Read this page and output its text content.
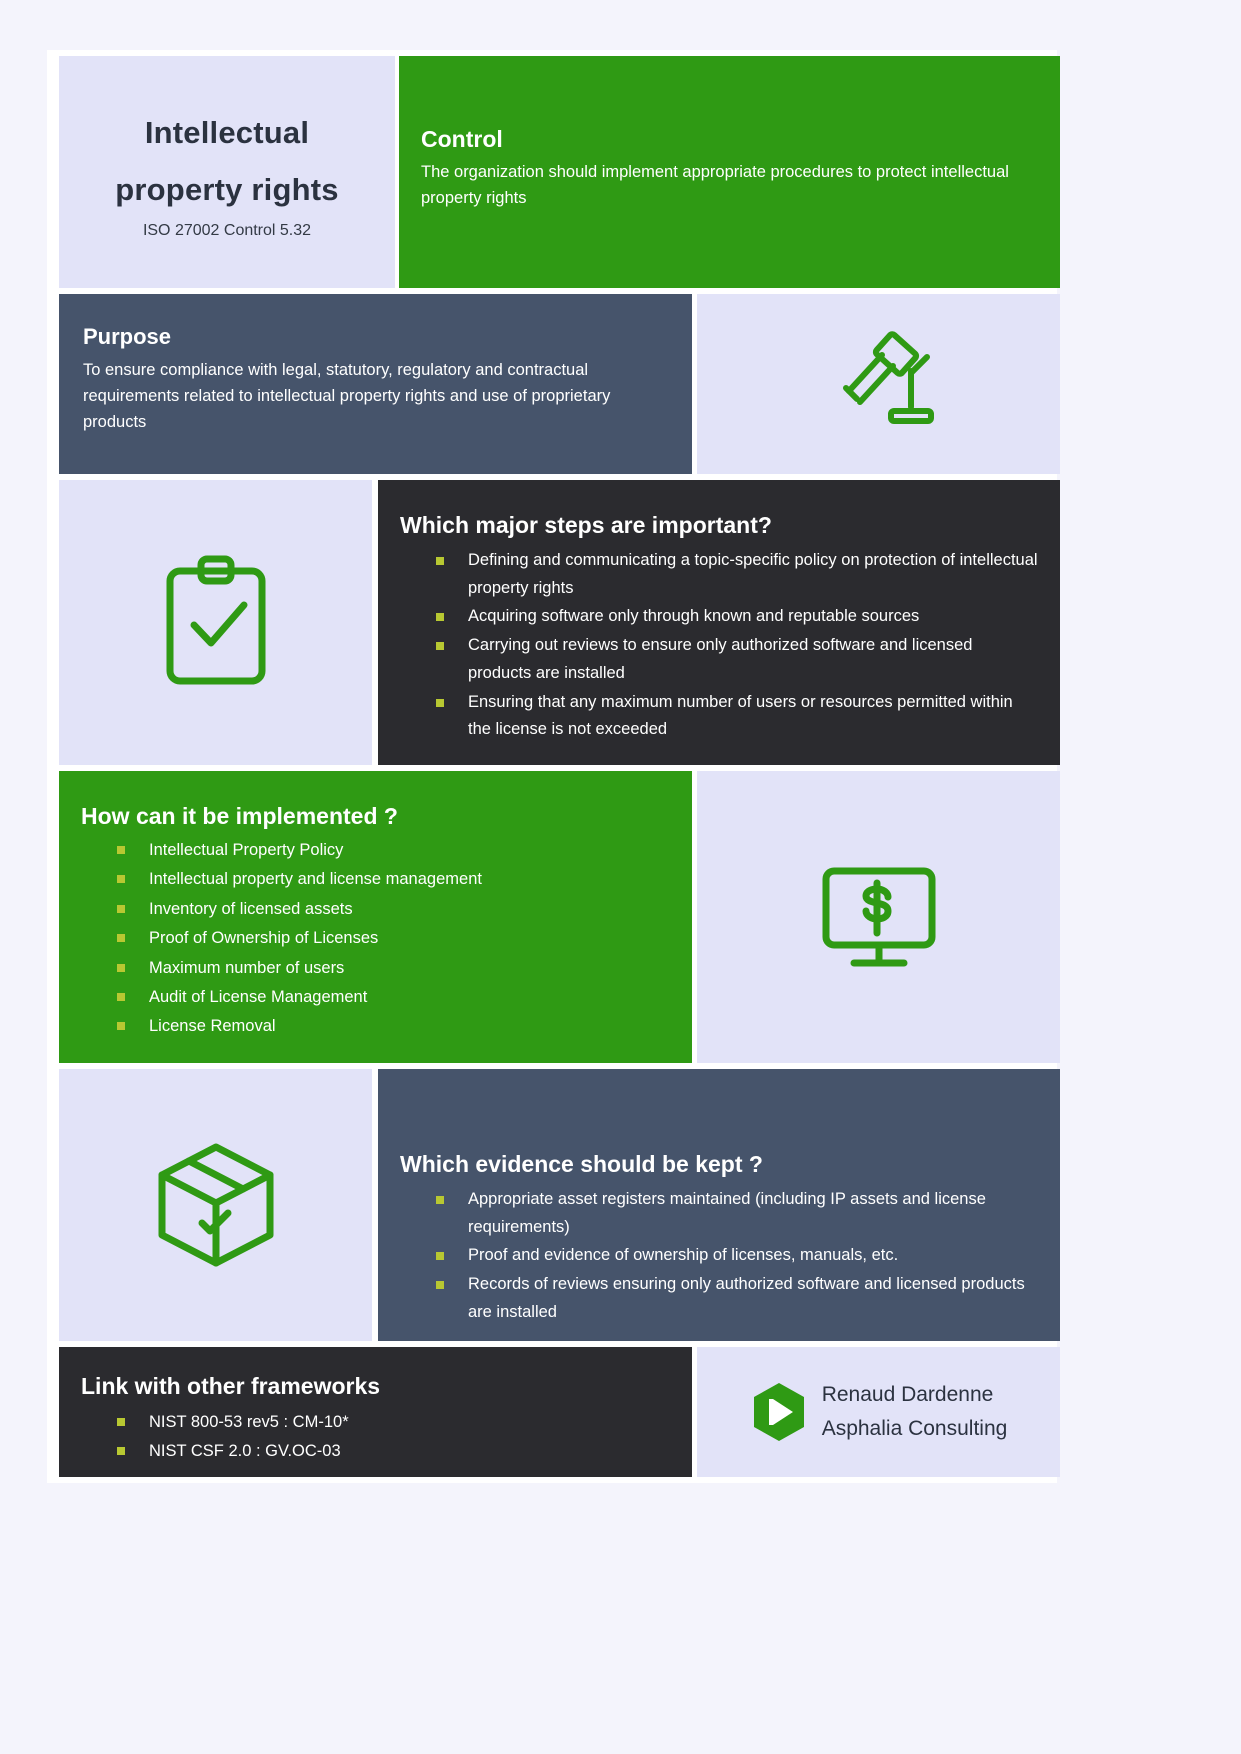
Intellectual
property rights
ISO 27002 Control 5.32
Control
The organization should implement appropriate procedures to protect intellectual property rights
Purpose
To ensure compliance with legal, statutory, regulatory and contractual requirements related to intellectual property rights and use of proprietary products
Which major steps are important?
Defining and communicating a topic-specific policy on protection of intellectual property rights
Acquiring software only through known and reputable sources
Carrying out reviews to ensure only authorized software and licensed products are installed
Ensuring that any maximum number of users or resources permitted within the license is not exceeded
How can it be implemented ?
Intellectual Property Policy
Intellectual property and license management
Inventory of licensed assets
Proof of Ownership of Licenses
Maximum number of users
Audit of License Management
License Removal
Which evidence should be kept ?
Appropriate asset registers maintained (including IP assets and license requirements)
Proof and evidence of ownership of licenses, manuals, etc.
Records of reviews ensuring only authorized software and licensed products are installed
Link with other frameworks
NIST 800-53 rev5 : CM-10*
NIST CSF 2.0 : GV.OC-03
Renaud Dardenne
Asphalia Consulting
